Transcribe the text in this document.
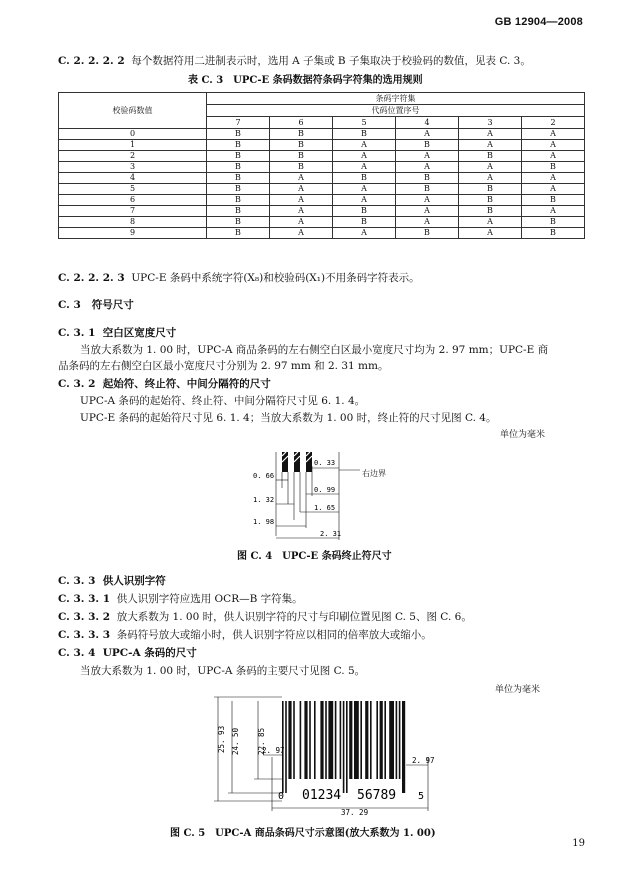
GB 12904—2008
C. 2. 2. 2. 2 每个数据符用二进制表示时，选用 A 子集或 B 子集取决于校验码的数值，见表 C. 3。
表 C. 3　UPC-E 条码数据符条码字符集的选用规则
校验码数值	条码字符集					
	代码位置序号					
	7	6	5	4	3	2
0	B	B	B	A	A	A
1	B	B	A	B	A	A
2	B	B	A	A	B	A
3	B	B	A	A	A	B
4	B	A	B	B	A	A
5	B	A	A	B	B	A
6	B	A	A	A	B	B
7	B	A	B	A	B	A
8	B	A	B	A	A	B
9	B	A	A	B	A	B
C. 2. 2. 2. 3 UPC-E 条码中系统字符(X₈)和校验码(X₁)不用条码字符表示。
C. 3 符号尺寸
C. 3. 1 空白区宽度尺寸
当放大系数为 1. 00 时，UPC-A 商品条码的左右侧空白区最小宽度尺寸均为 2. 97 mm；UPC-E 商
品条码的左右侧空白区最小宽度尺寸分别为 2. 97 mm 和 2. 31 mm。
C. 3. 2 起始符、终止符、中间分隔符的尺寸
UPC-A 条码的起始符、终止符、中间分隔符尺寸见 6. 1. 4。
UPC-E 条码的起始符尺寸见 6. 1. 4；当放大系数为 1. 00 时，终止符的尺寸见图 C. 4。
单位为毫米
0. 33
0. 66
0. 99
1. 32
1. 65
1. 98
2. 31
右边界
图 C. 4　UPC-E 条码终止符尺寸
C. 3. 3 供人识别字符
C. 3. 3. 1 供人识别字符应选用 OCR—B 字符集。
C. 3. 3. 2 放大系数为 1. 00 时，供人识别字符的尺寸与印刷位置见图 C. 5、图 C. 6。
C. 3. 3. 3 条码符号放大或缩小时，供人识别字符应以相同的倍率放大或缩小。
C. 3. 4 UPC-A 条码的尺寸
当放大系数为 1. 00 时，UPC-A 条码的主要尺寸见图 C. 5。
单位为毫米
25. 93 24. 50 22. 85
2. 97
2. 97
37. 29
0 01234 56789 5
图 C. 5　UPC-A 商品条码尺寸示意图(放大系数为 1. 00)
19
